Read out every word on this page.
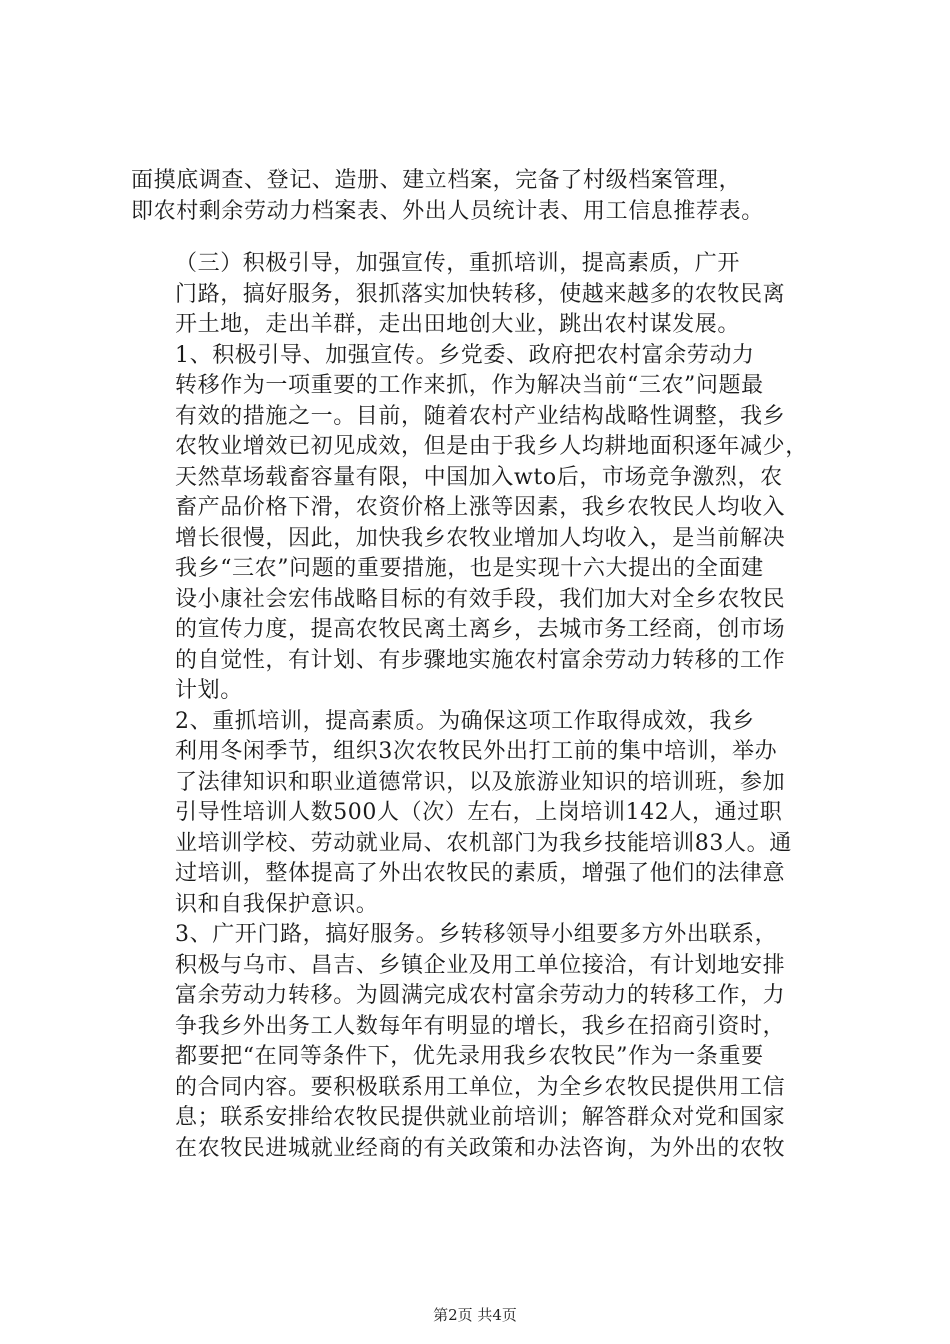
面摸底调查、登记、造册、建立档案，完备了村级档案管理，
即农村剩余劳动力档案表、外出人员统计表、用工信息推荐表。

（三）积极引导，加强宣传，重抓培训，提高素质，广开
门路，搞好服务，狠抓落实加快转移，使越来越多的农牧民离
开土地，走出羊群，走出田地创大业，跳出农村谋发展。

1、积极引导、加强宣传。乡党委、政府把农村富余劳动力
转移作为一项重要的工作来抓，作为解决当前“三农”问题最
有效的措施之一。目前，随着农村产业结构战略性调整，我乡
农牧业增效已初见成效，但是由于我乡人均耕地面积逐年减少，
天然草场载畜容量有限，中国加入wto后，市场竞争激烈，农
畜产品价格下滑，农资价格上涨等因素，我乡农牧民人均收入
增长很慢，因此，加快我乡农牧业增加人均收入，是当前解决
我乡“三农”问题的重要措施，也是实现十六大提出的全面建
设小康社会宏伟战略目标的有效手段，我们加大对全乡农牧民
的宣传力度，提高农牧民离土离乡，去城市务工经商，创市场
的自觉性，有计划、有步骤地实施农村富余劳动力转移的工作
计划。

2、重抓培训，提高素质。为确保这项工作取得成效，我乡
利用冬闲季节，组织3次农牧民外出打工前的集中培训，举办
了法律知识和职业道德常识，以及旅游业知识的培训班，参加
引导性培训人数500人（次）左右，上岗培训142人，通过职
业培训学校、劳动就业局、农机部门为我乡技能培训83人。通
过培训，整体提高了外出农牧民的素质，增强了他们的法律意
识和自我保护意识。

3、广开门路，搞好服务。乡转移领导小组要多方外出联系，
积极与乌市、昌吉、乡镇企业及用工单位接洽，有计划地安排
富余劳动力转移。为圆满完成农村富余劳动力的转移工作，力
争我乡外出务工人数每年有明显的增长，我乡在招商引资时，
都要把“在同等条件下，优先录用我乡农牧民”作为一条重要
的合同内容。要积极联系用工单位，为全乡农牧民提供用工信
息；联系安排给农牧民提供就业前培训；解答群众对党和国家
在农牧民进城就业经商的有关政策和办法咨询，为外出的农牧

第2页 共4页
